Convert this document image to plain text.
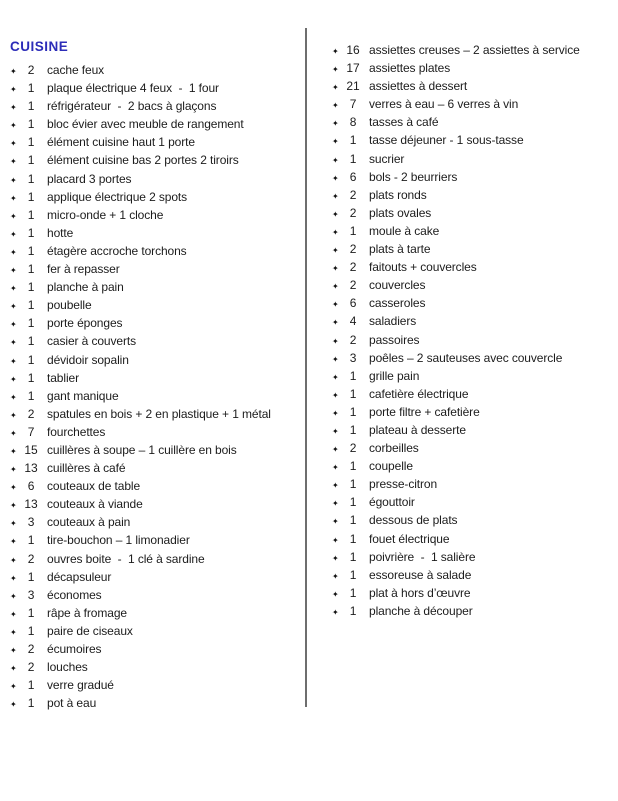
CUISINE
✦ 2	cache feux
✦ 1	plaque électrique 4 feux  -  1 four
✦ 1	réfrigérateur  -  2 bacs à glaçons
✦ 1	bloc évier avec meuble de rangement
✦ 1	élément cuisine haut 1 porte
✦ 1	élément cuisine bas 2 portes 2 tiroirs
✦ 1	placard 3 portes
✦ 1	applique électrique 2 spots
✦ 1	micro-onde + 1 cloche
✦ 1	hotte
✦ 1	étagère accroche torchons
✦ 1	fer à repasser
✦ 1	planche à pain
✦ 1	poubelle
✦ 1	porte éponges
✦ 1	casier à couverts
✦ 1	dévidoir sopalin
✦ 1	tablier
✦ 1	gant manique
✦ 2	spatules en bois + 2 en plastique + 1 métal
✦ 7	fourchettes
✦ 15 cuillères à soupe – 1 cuillère en bois
✦ 13 cuillères à café
✦ 6	couteaux de table
✦ 13 couteaux à viande
✦ 3	couteaux à pain
✦ 1	tire-bouchon – 1 limonadier
✦ 2	ouvres boite  -  1 clé à sardine
✦ 1	décapsuleur
✦ 3	économes
✦ 1	râpe à fromage
✦ 1	paire de ciseaux
✦ 2	écumoires
✦ 2	louches
✦ 1	verre gradué
✦ 1	pot à eau
✦ 16 assiettes creuses – 2 assiettes à service
✦ 17 assiettes plates
✦ 21 assiettes à dessert
✦ 7	verres à eau – 6 verres à vin
✦ 8	tasses à café
✦ 1	tasse déjeuner - 1 sous-tasse
✦ 1	sucrier
✦ 6	bols - 2 beurriers
✦ 2	plats ronds
✦ 2	plats ovales
✦ 1	moule à cake
✦ 2	plats à tarte
✦ 2	faitouts + couvercles
✦ 2	couvercles
✦ 6	casseroles
✦ 4	saladiers
✦ 2	passoires
✦ 3	poêles – 2 sauteuses avec couvercle
✦ 1	grille pain
✦ 1	cafetière électrique
✦ 1	porte filtre + cafetière
✦ 1	plateau à desserte
✦ 2	corbeilles
✦ 1	coupelle
✦ 1	presse-citron
✦ 1	égouttoir
✦ 1	dessous de plats
✦ 1	fouet électrique
✦ 1	poivrière  -  1 salière
✦ 1	essoreuse à salade
✦ 1	plat à hors d’œuvre
✦ 1	planche à découper
